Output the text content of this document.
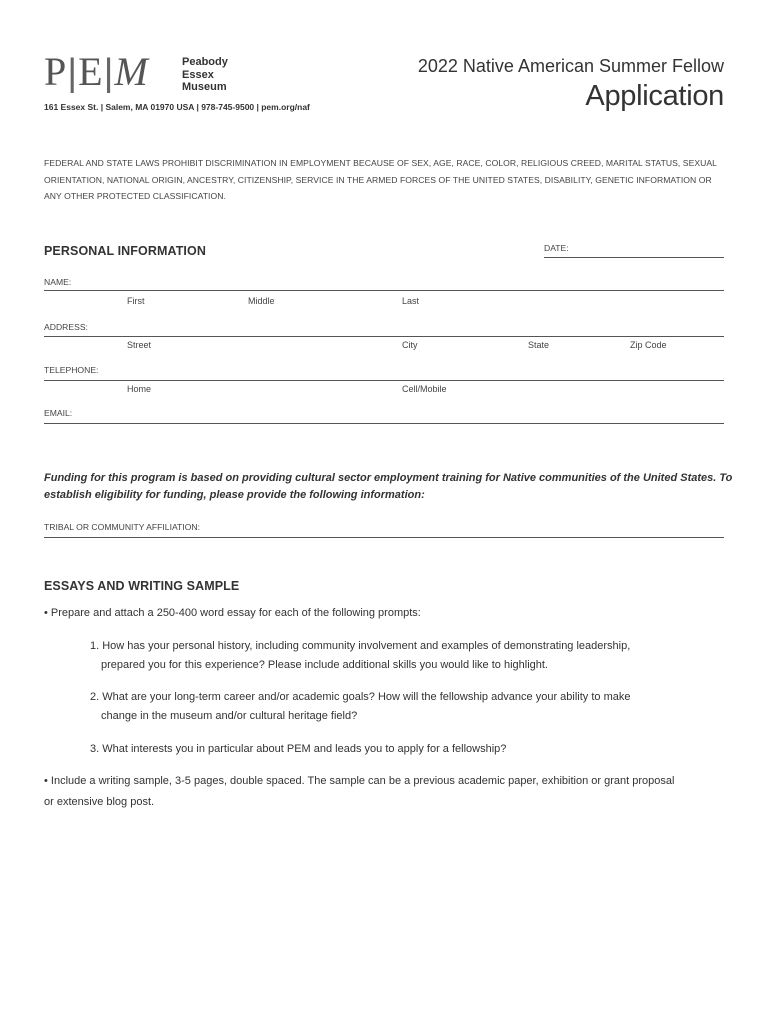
P|E|M	Peabody
Essex
Museum
161 Essex St. | Salem, MA 01970 USA | 978-745-9500 | pem.org/naf
2022 Native American Summer Fellow
Application
FEDERAL AND STATE LAWS PROHIBIT DISCRIMINATION IN EMPLOYMENT BECAUSE OF SEX, AGE, RACE, COLOR, RELIGIOUS CREED, MARITAL STATUS, SEXUAL ORIENTATION, NATIONAL ORIGIN, ANCESTRY, CITIZENSHIP, SERVICE IN THE ARMED FORCES OF THE UNITED STATES, DISABILITY, GENETIC INFORMATION OR ANY OTHER PROTECTED CLASSIFICATION.
PERSONAL INFORMATION	DATE:
NAME:
First	Middle	Last
ADDRESS:
Street	City	State	Zip Code
TELEPHONE:
Home	Cell/Mobile
EMAIL:
Funding for this program is based on providing cultural sector employment training for Native communities of the United States. To establish eligibility for funding, please provide the following information:
TRIBAL OR COMMUNITY AFFILIATION:
ESSAYS AND WRITING SAMPLE
• Prepare and attach a 250-400 word essay for each of the following prompts:
1. How has your personal history, including community involvement and examples of demonstrating leadership,
prepared you for this experience? Please include additional skills you would like to highlight.
2. What are your long-term career and/or academic goals? How will the fellowship advance your ability to make
change in the museum and/or cultural heritage field?
3. What interests you in particular about PEM and leads you to apply for a fellowship?
• Include a writing sample, 3-5 pages, double spaced. The sample can be a previous academic paper, exhibition or grant proposal
or extensive blog post.
